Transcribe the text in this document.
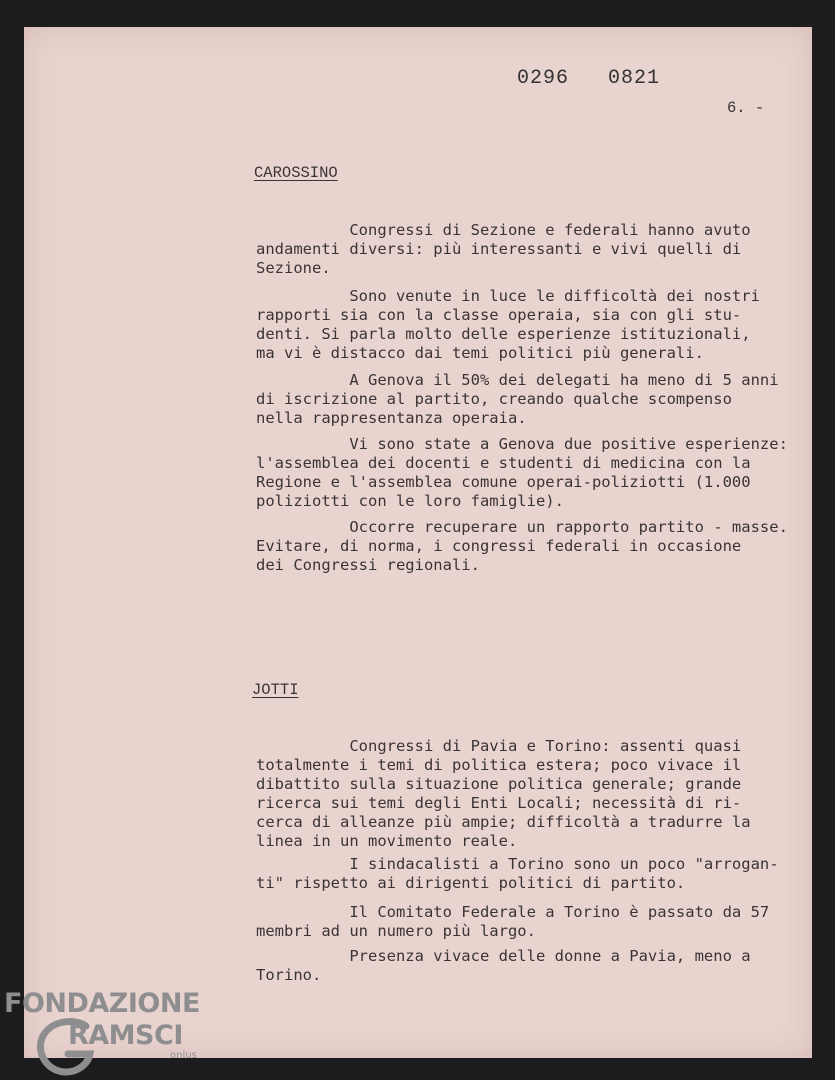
0296   0821
6. -
CAROSSINO
Congressi di Sezione e federali hanno avuto
andamenti diversi: più interessanti e vivi quelli di
Sezione.
Sono venute in luce le difficoltà dei nostri
rapporti sia con la classe operaia, sia con gli stu-
denti. Si parla molto delle esperienze istituzionali,
ma vi è distacco dai temi politici più generali.
A Genova il 50% dei delegati ha meno di 5 anni
di iscrizione al partito, creando qualche scompenso
nella rappresentanza operaia.
Vi sono state a Genova due positive esperienze:
l'assemblea dei docenti e studenti di medicina con la
Regione e l'assemblea comune operai-poliziotti (1.000
poliziotti con le loro famiglie).
Occorre recuperare un rapporto partito - masse.
Evitare, di norma, i congressi federali in occasione
dei Congressi regionali.
JOTTI
Congressi di Pavia e Torino: assenti quasi
totalmente i temi di politica estera; poco vivace il
dibattito sulla situazione politica generale; grande
ricerca sui temi degli Enti Locali; necessità di ri-
cerca di alleanze più ampie; difficoltà a tradurre la
linea in un movimento reale.
I sindacalisti a Torino sono un poco "arrogan-
ti" rispetto ai dirigenti politici di partito.
Il Comitato Federale a Torino è passato da 57
membri ad un numero più largo.
Presenza vivace delle donne a Pavia, meno a
Torino.
FONDAZIONE
RAMSCI
onlus
